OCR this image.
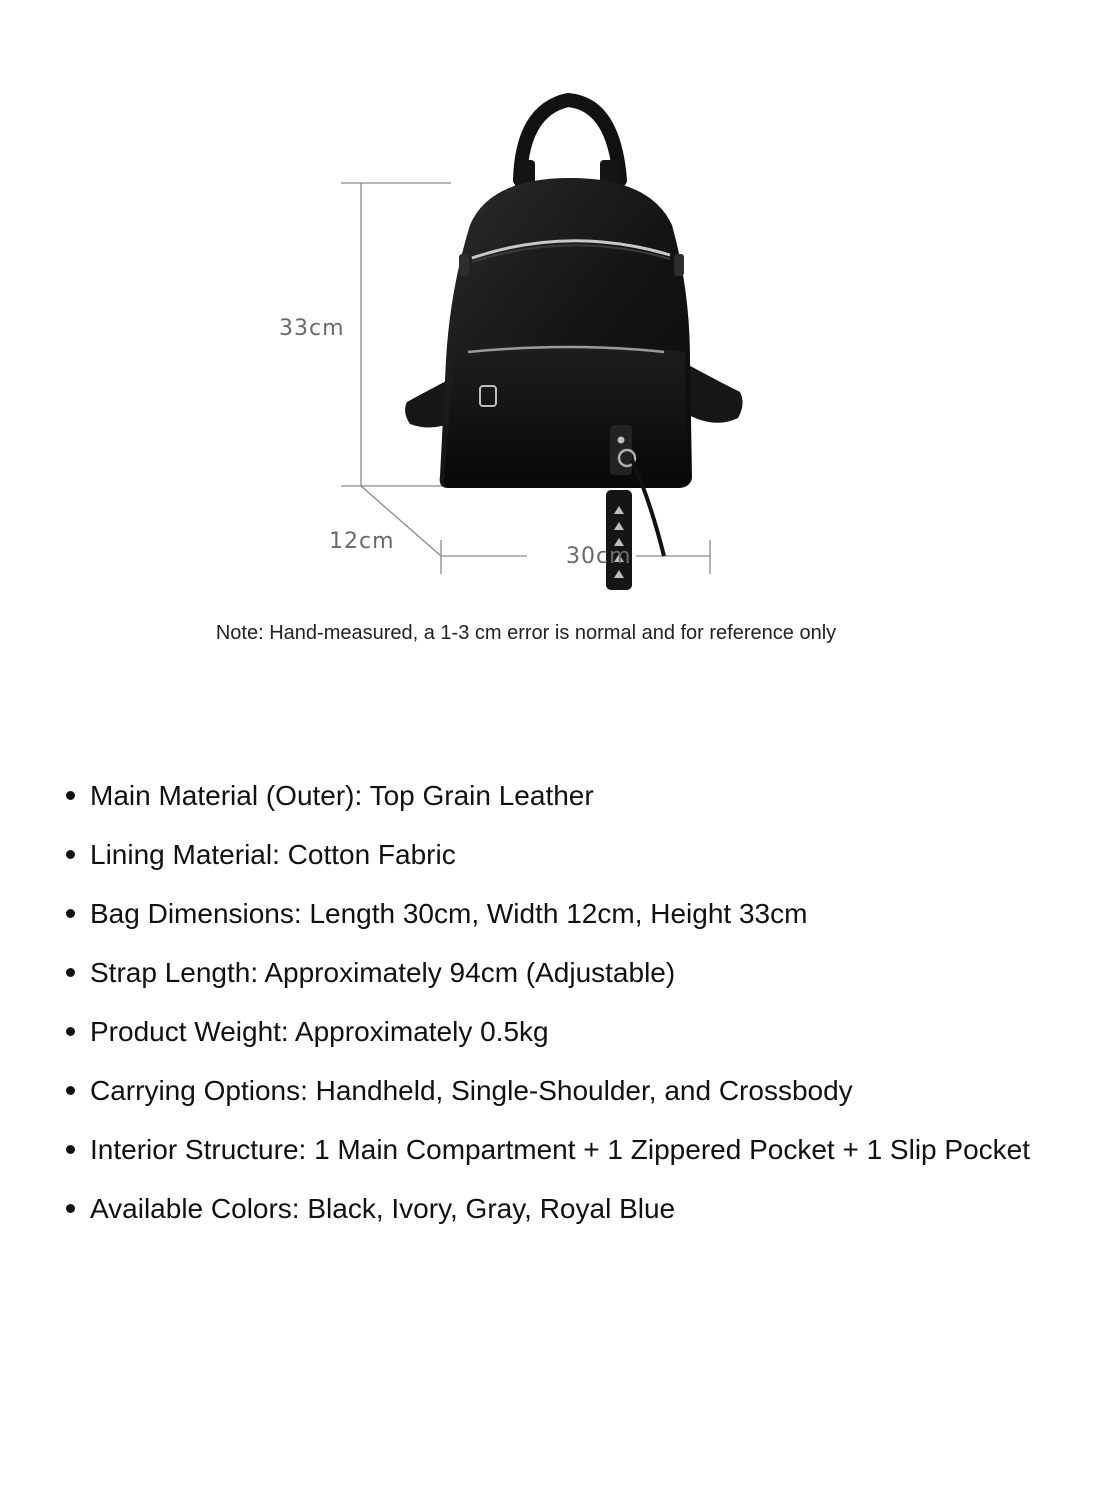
33cm
12cm
30cm

Note: Hand-measured, a 1-3 cm error is normal and for reference only

Main Material (Outer): Top Grain Leather
Lining Material: Cotton Fabric
Bag Dimensions: Length 30cm, Width 12cm, Height 33cm
Strap Length: Approximately 94cm (Adjustable)
Product Weight: Approximately 0.5kg
Carrying Options: Handheld, Single-Shoulder, and Crossbody
Interior Structure: 1 Main Compartment + 1 Zippered Pocket + 1 Slip Pocket
Available Colors: Black, Ivory, Gray, Royal Blue
